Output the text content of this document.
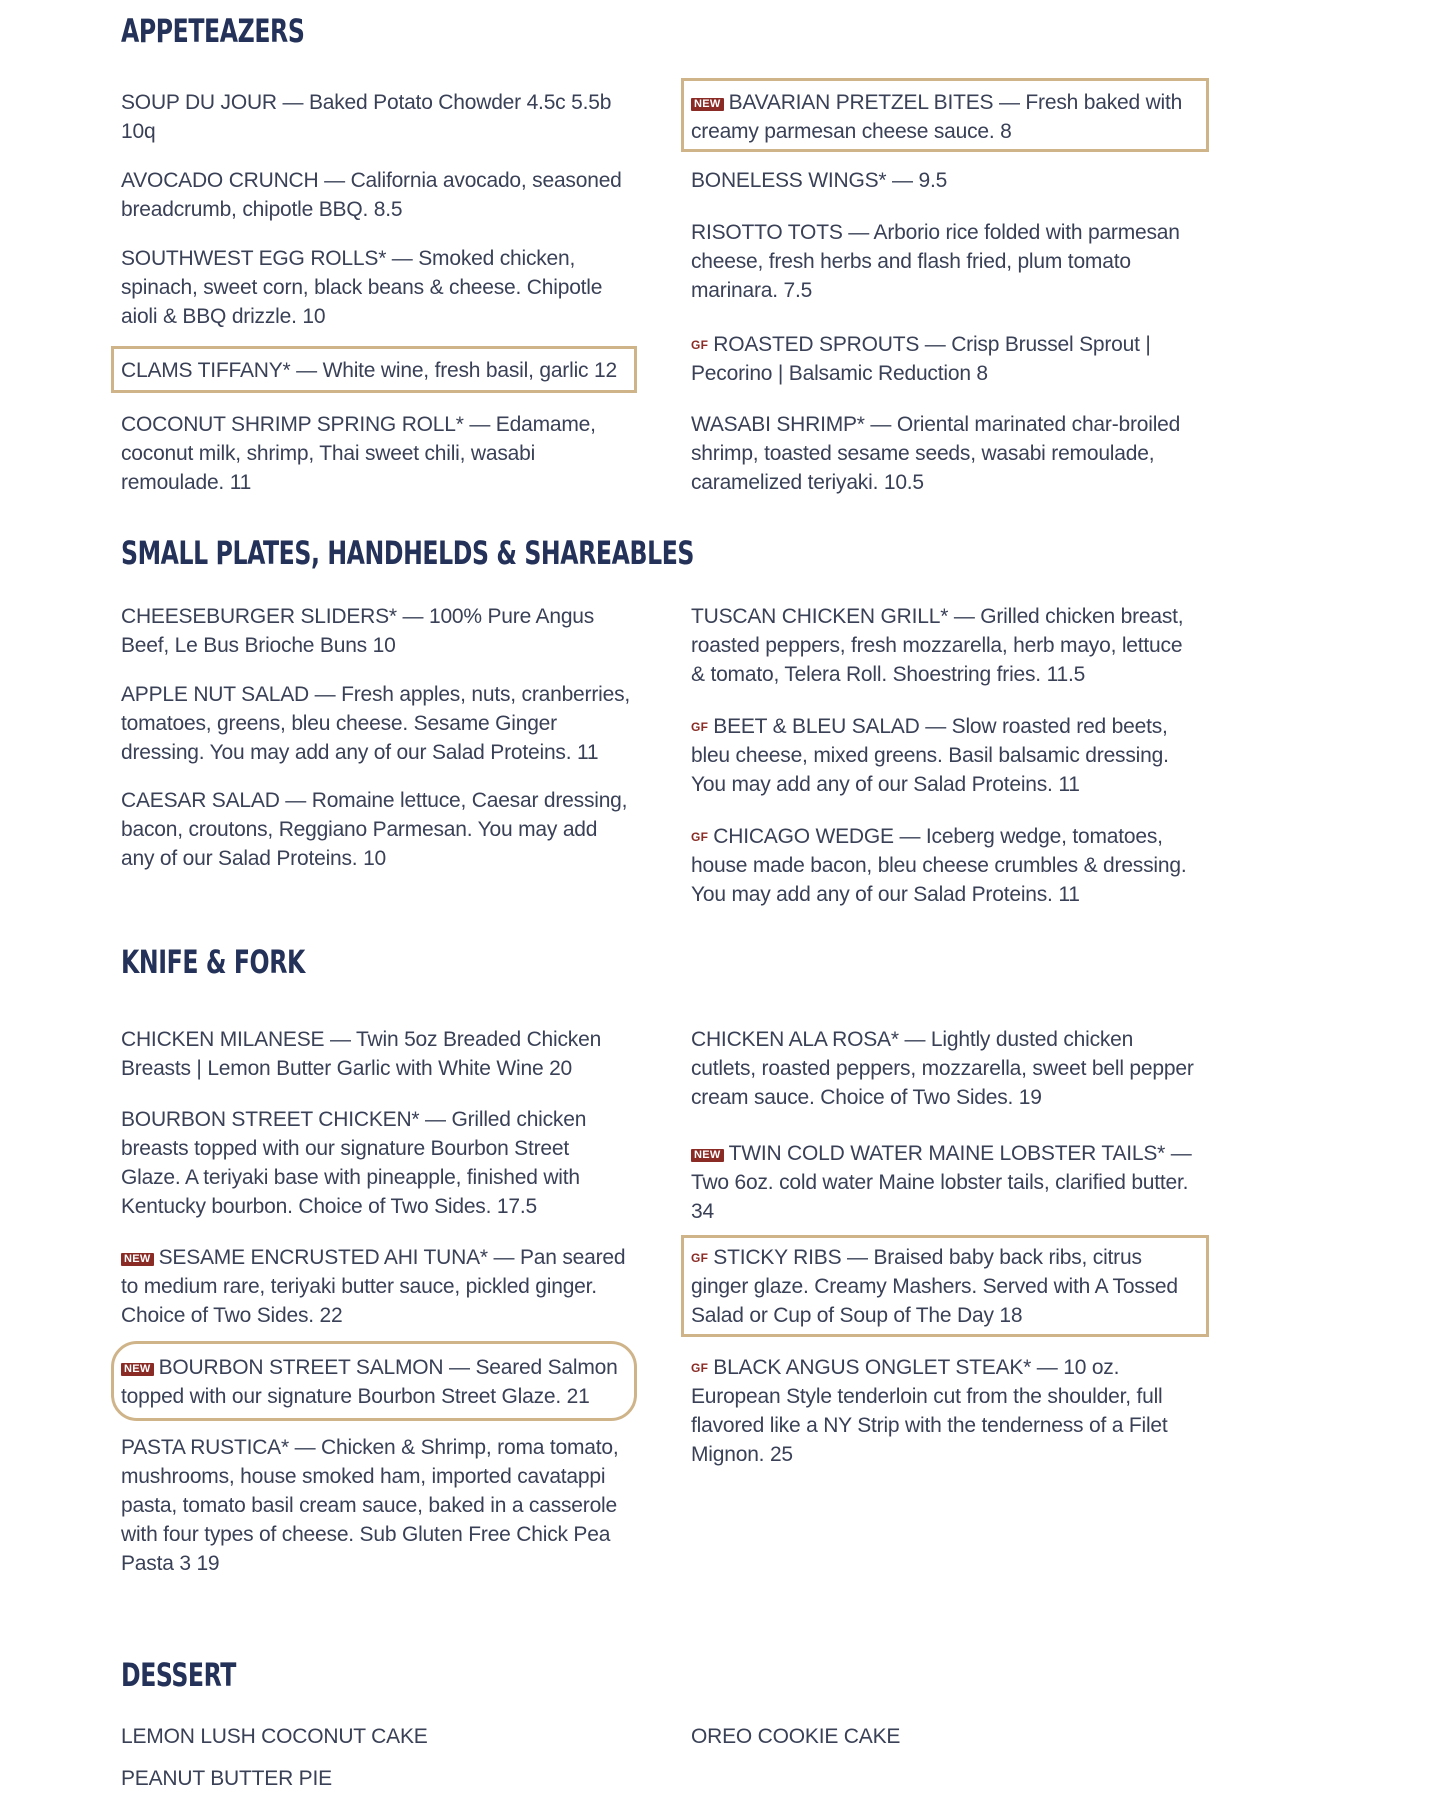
APPETEAZERS
SOUP DU JOUR — Baked Potato Chowder 4.5c 5.5b 10q
AVOCADO CRUNCH — California avocado, seasoned breadcrumb, chipotle BBQ. 8.5
SOUTHWEST EGG ROLLS* — Smoked chicken, spinach, sweet corn, black beans & cheese. Chipotle aioli & BBQ drizzle. 10
CLAMS TIFFANY* — White wine, fresh basil, garlic 12
COCONUT SHRIMP SPRING ROLL* — Edamame, coconut milk, shrimp, Thai sweet chili, wasabi remoulade. 11
NEW BAVARIAN PRETZEL BITES — Fresh baked with creamy parmesan cheese sauce. 8
BONELESS WINGS* — 9.5
RISOTTO TOTS — Arborio rice folded with parmesan cheese, fresh herbs and flash fried, plum tomato marinara. 7.5
GF ROASTED SPROUTS — Crisp Brussel Sprout | Pecorino | Balsamic Reduction 8
WASABI SHRIMP* — Oriental marinated char-broiled shrimp, toasted sesame seeds, wasabi remoulade, caramelized teriyaki. 10.5
SMALL PLATES, HANDHELDS & SHAREABLES
CHEESEBURGER SLIDERS* — 100% Pure Angus Beef, Le Bus Brioche Buns 10
APPLE NUT SALAD — Fresh apples, nuts, cranberries, tomatoes, greens, bleu cheese. Sesame Ginger dressing. You may add any of our Salad Proteins. 11
CAESAR SALAD — Romaine lettuce, Caesar dressing, bacon, croutons, Reggiano Parmesan. You may add any of our Salad Proteins. 10
TUSCAN CHICKEN GRILL* — Grilled chicken breast, roasted peppers, fresh mozzarella, herb mayo, lettuce & tomato, Telera Roll. Shoestring fries. 11.5
GF BEET & BLEU SALAD — Slow roasted red beets, bleu cheese, mixed greens. Basil balsamic dressing. You may add any of our Salad Proteins. 11
GF CHICAGO WEDGE — Iceberg wedge, tomatoes, house made bacon, bleu cheese crumbles & dressing. You may add any of our Salad Proteins. 11
KNIFE & FORK
CHICKEN MILANESE — Twin 5oz Breaded Chicken Breasts | Lemon Butter Garlic with White Wine 20
BOURBON STREET CHICKEN* — Grilled chicken breasts topped with our signature Bourbon Street Glaze. A teriyaki base with pineapple, finished with Kentucky bourbon. Choice of Two Sides. 17.5
NEW SESAME ENCRUSTED AHI TUNA* — Pan seared to medium rare, teriyaki butter sauce, pickled ginger. Choice of Two Sides. 22
NEW BOURBON STREET SALMON — Seared Salmon topped with our signature Bourbon Street Glaze. 21
PASTA RUSTICA* — Chicken & Shrimp, roma tomato, mushrooms, house smoked ham, imported cavatappi pasta, tomato basil cream sauce, baked in a casserole with four types of cheese. Sub Gluten Free Chick Pea Pasta 3 19
CHICKEN ALA ROSA* — Lightly dusted chicken cutlets, roasted peppers, mozzarella, sweet bell pepper cream sauce. Choice of Two Sides. 19
NEW TWIN COLD WATER MAINE LOBSTER TAILS* — Two 6oz. cold water Maine lobster tails, clarified butter. 34
GF STICKY RIBS — Braised baby back ribs, citrus ginger glaze. Creamy Mashers. Served with A Tossed Salad or Cup of Soup of The Day 18
GF BLACK ANGUS ONGLET STEAK* — 10 oz. European Style tenderloin cut from the shoulder, full flavored like a NY Strip with the tenderness of a Filet Mignon. 25
DESSERT
LEMON LUSH COCONUT CAKE
PEANUT BUTTER PIE
OREO COOKIE CAKE
